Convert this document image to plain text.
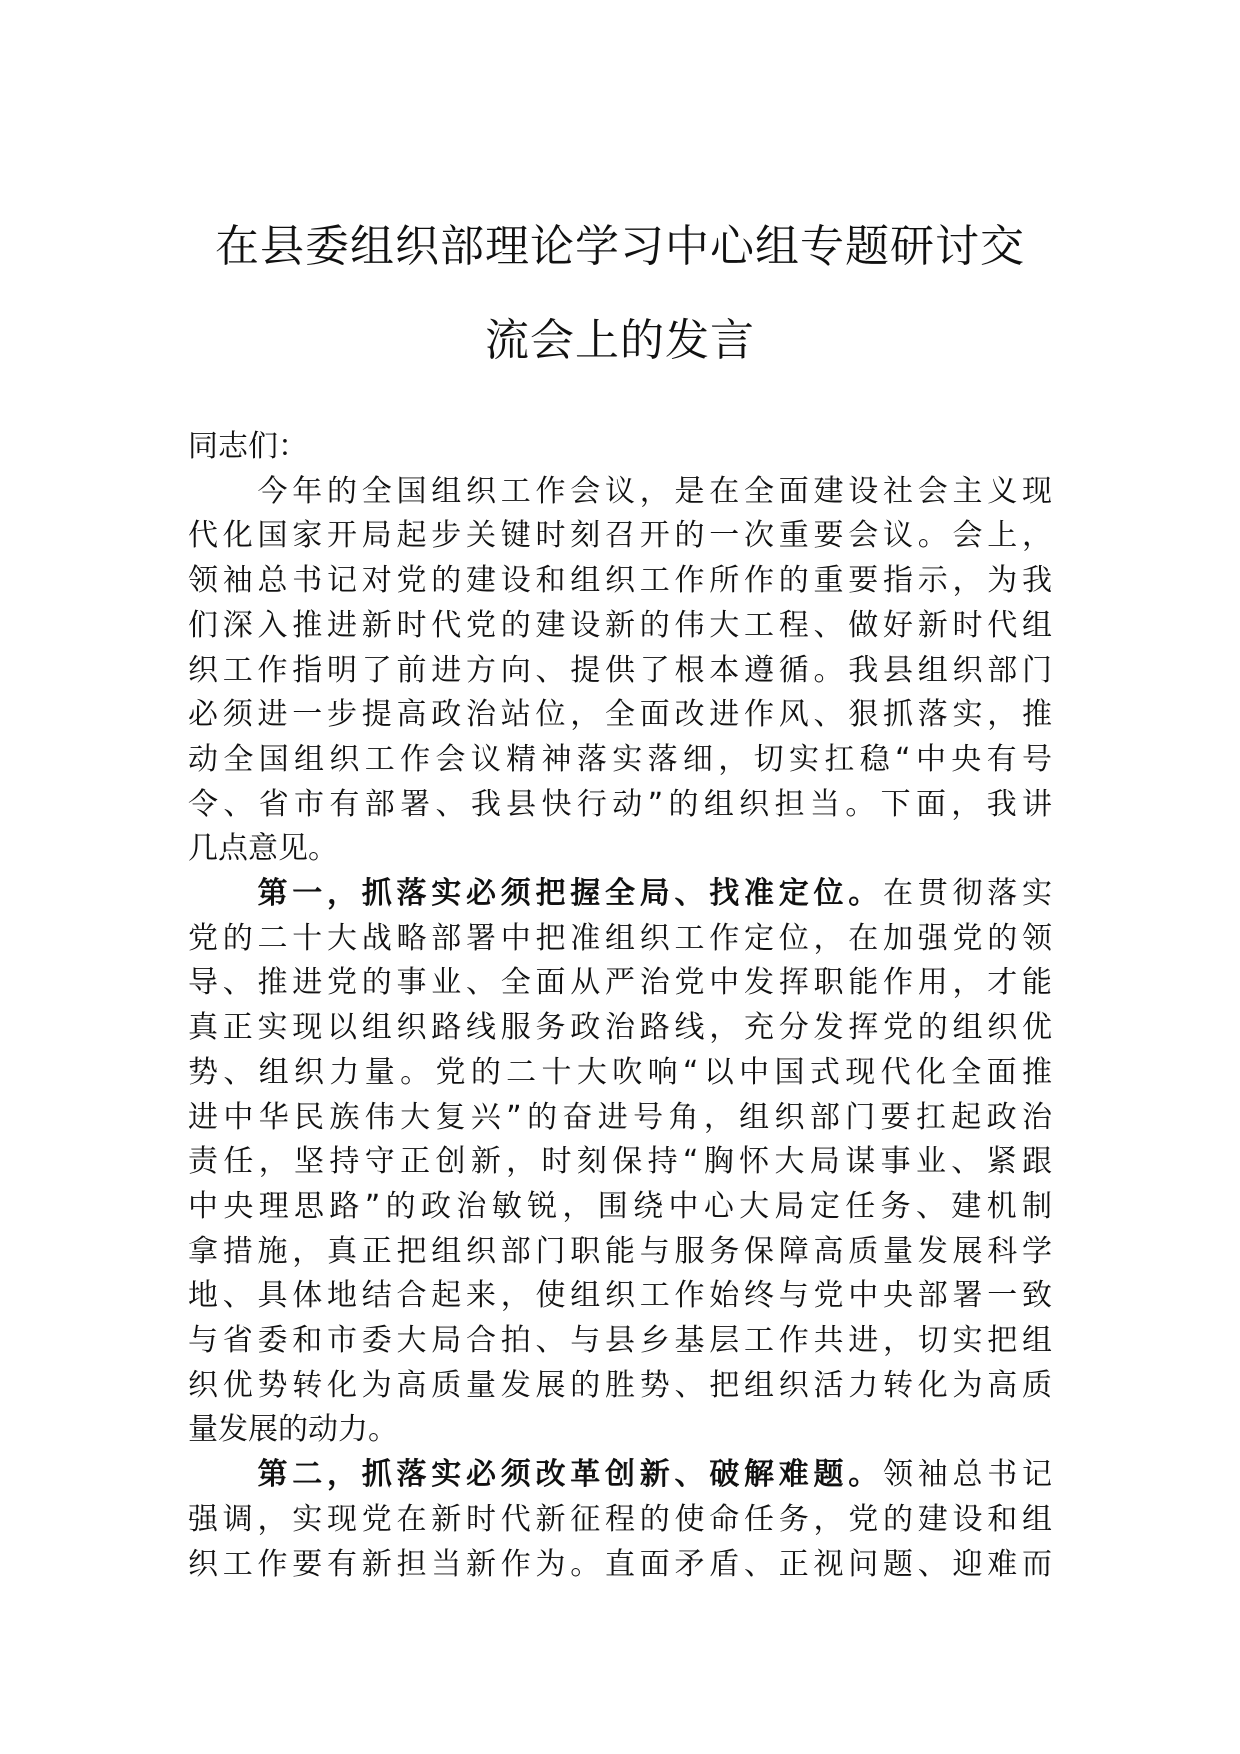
在县委组织部理论学习中心组专题研讨交
流会上的发言

同志们：

　　今年的全国组织工作会议，是在全面建设社会主义现
代化国家开局起步关键时刻召开的一次重要会议。会上，
领袖总书记对党的建设和组织工作所作的重要指示，为我
们深入推进新时代党的建设新的伟大工程、做好新时代组
织工作指明了前进方向、提供了根本遵循。我县组织部门
必须进一步提高政治站位，全面改进作风、狠抓落实，推
动全国组织工作会议精神落实落细，切实扛稳“中央有号
令、省市有部署、我县快行动”的组织担当。下面，我讲
几点意见。

　　第一，抓落实必须把握全局、找准定位。在贯彻落实
党的二十大战略部署中把准组织工作定位，在加强党的领
导、推进党的事业、全面从严治党中发挥职能作用，才能
真正实现以组织路线服务政治路线，充分发挥党的组织优
势、组织力量。党的二十大吹响“以中国式现代化全面推
进中华民族伟大复兴”的奋进号角，组织部门要扛起政治
责任，坚持守正创新，时刻保持“胸怀大局谋事业、紧跟
中央理思路”的政治敏锐，围绕中心大局定任务、建机制
拿措施，真正把组织部门职能与服务保障高质量发展科学
地、具体地结合起来，使组织工作始终与党中央部署一致
与省委和市委大局合拍、与县乡基层工作共进，切实把组
织优势转化为高质量发展的胜势、把组织活力转化为高质
量发展的动力。

　　第二，抓落实必须改革创新、破解难题。领袖总书记
强调，实现党在新时代新征程的使命任务，党的建设和组
织工作要有新担当新作为。直面矛盾、正视问题、迎难而
